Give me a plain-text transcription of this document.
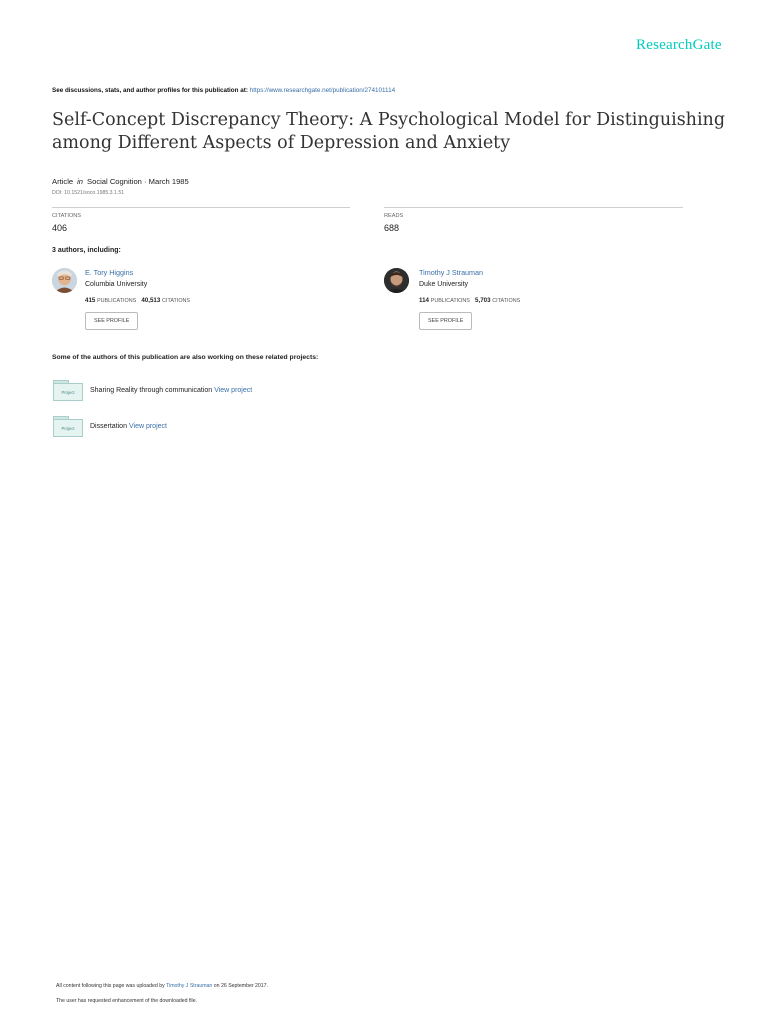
ResearchGate
See discussions, stats, and author profiles for this publication at: https://www.researchgate.net/publication/274101114
Self-Concept Discrepancy Theory: A Psychological Model for Distinguishing among Different Aspects of Depression and Anxiety
Article in Social Cognition · March 1985
DOI: 10.1521/soco.1985.3.1.51
CITATIONS
406
READS
688
3 authors, including:
E. Tory Higgins
Columbia University
415 PUBLICATIONS 40,513 CITATIONS
SEE PROFILE
Timothy J Strauman
Duke University
114 PUBLICATIONS 5,703 CITATIONS
SEE PROFILE
Some of the authors of this publication are also working on these related projects:
Project	Sharing Reality through communication View project
Project	Dissertation View project
All content following this page was uploaded by Timothy J Strauman on 26 September 2017.
The user has requested enhancement of the downloaded file.
